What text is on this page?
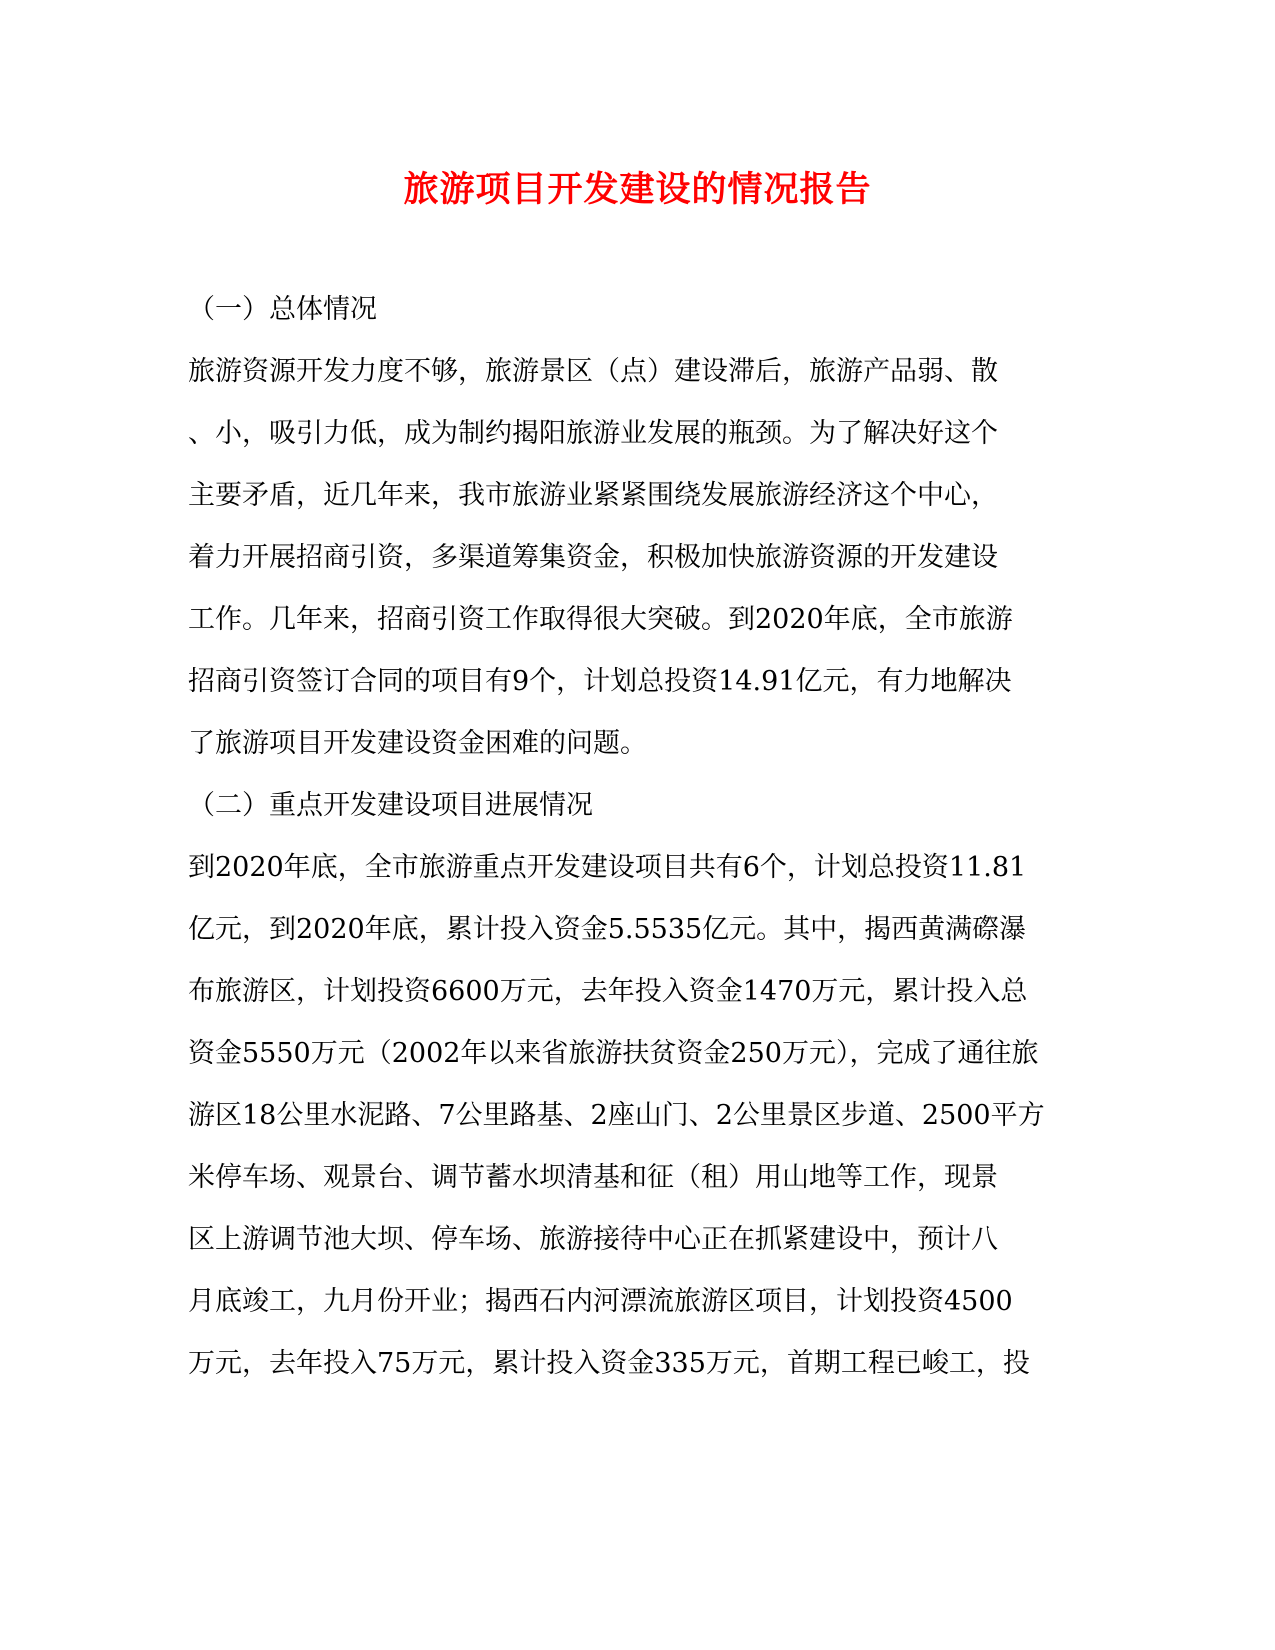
旅游项目开发建设的情况报告
（一）总体情况
旅游资源开发力度不够，旅游景区（点）建设滞后，旅游产品弱、散
、小，吸引力低，成为制约揭阳旅游业发展的瓶颈。为了解决好这个
主要矛盾，近几年来，我市旅游业紧紧围绕发展旅游经济这个中心，
着力开展招商引资，多渠道筹集资金，积极加快旅游资源的开发建设
工作。几年来，招商引资工作取得很大突破。到2020年底，全市旅游
招商引资签订合同的项目有9个，计划总投资14.91亿元，有力地解决
了旅游项目开发建设资金困难的问题。
（二）重点开发建设项目进展情况
到2020年底，全市旅游重点开发建设项目共有6个，计划总投资11.81
亿元，到2020年底，累计投入资金5.5535亿元。其中，揭西黄满磜瀑
布旅游区，计划投资6600万元，去年投入资金1470万元，累计投入总
资金5550万元（2002年以来省旅游扶贫资金250万元），完成了通往旅
游区18公里水泥路、7公里路基、2座山门、2公里景区步道、2500平方
米停车场、观景台、调节蓄水坝清基和征（租）用山地等工作，现景
区上游调节池大坝、停车场、旅游接待中心正在抓紧建设中，预计八
月底竣工，九月份开业；揭西石内河漂流旅游区项目，计划投资4500
万元，去年投入75万元，累计投入资金335万元，首期工程已峻工，投
